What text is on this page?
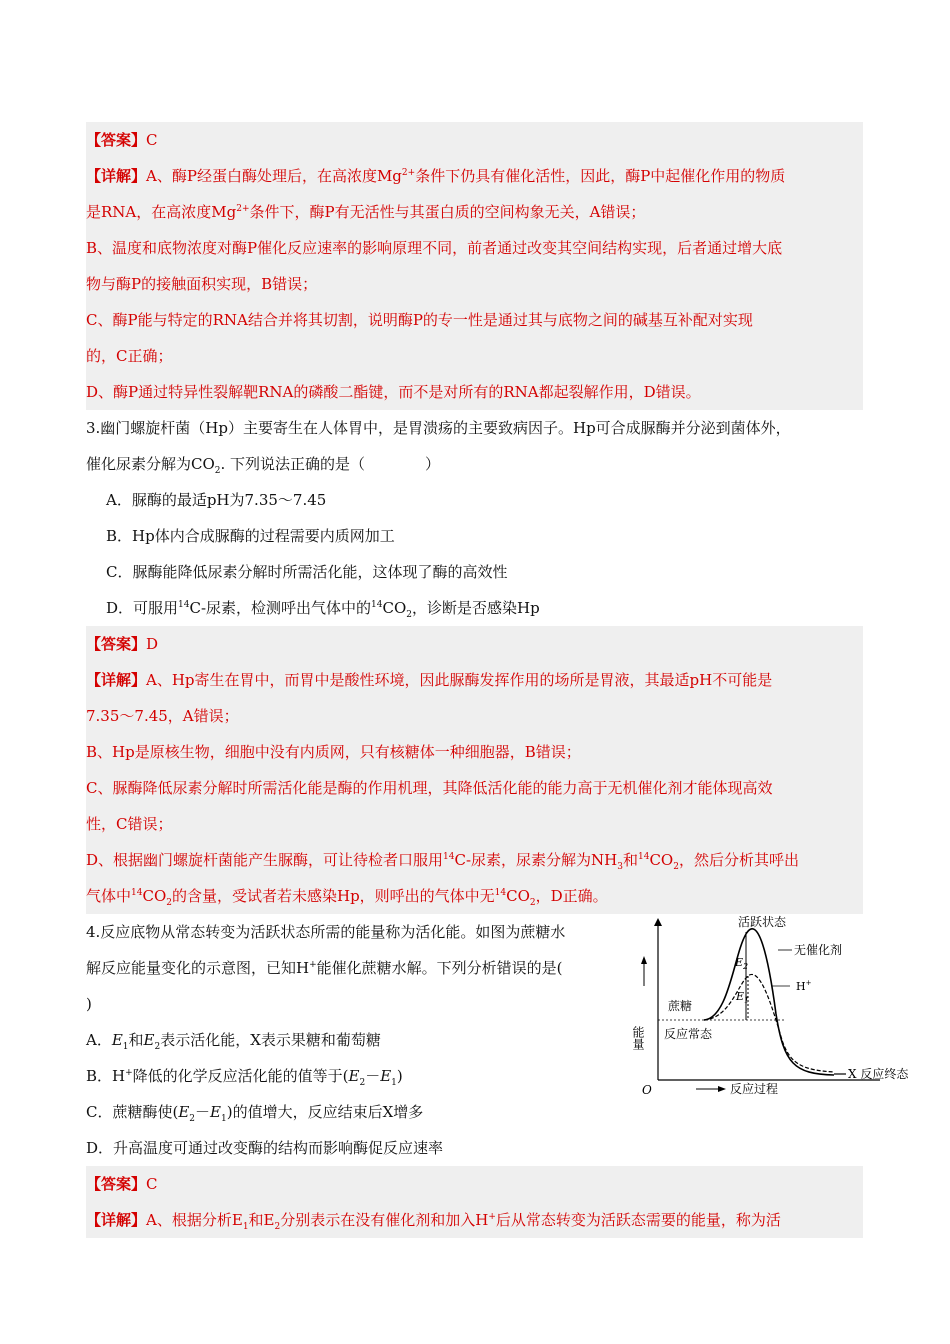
【答案】C
【详解】A、酶P经蛋白酶处理后，在高浓度$Mg^{2+}$条件下仍具有催化活性，因此，酶P中起催化作用的物质
是RNA，在高浓度$Mg^{2+}$条件下，酶P有无活性与其蛋白质的空间构象无关，A错误；
B、温度和底物浓度对酶P催化反应速率的影响原理不同，前者通过改变其空间结构实现，后者通过增大底
物与酶P的接触面积实现，B错误；
C、酶P能与特定的RNA结合并将其切割，说明酶P的专一性是通过其与底物之间的碱基互补配对实现
的，C正确；
D、酶P通过特异性裂解靶RNA的磷酸二酯键，而不是对所有的RNA都起裂解作用，D错误。
3.幽门螺旋杆菌（Hp）主要寄生在人体胃中，是胃溃疡的主要致病因子。Hp可合成脲酶并分泌到菌体外，
催化尿素分解为$CO_2$. 下列说法正确的是（　　　　）
A．脲酶的最适pH为7.35～7.45
B．Hp体内合成脲酶的过程需要内质网加工
C．脲酶能降低尿素分解时所需活化能，这体现了酶的高效性
D．可服用$^{14}$C-尿素，检测呼出气体中的$^{14}CO_2$，诊断是否感染Hp
【答案】D
【详解】A、Hp寄生在胃中，而胃中是酸性环境，因此脲酶发挥作用的场所是胃液，其最适pH不可能是
7.35～7.45，A错误；
B、Hp是原核生物，细胞中没有内质网，只有核糖体一种细胞器，B错误；
C、脲酶降低尿素分解时所需活化能是酶的作用机理，其降低活化能的能力高于无机催化剂才能体现高效
性，C错误；
D、根据幽门螺旋杆菌能产生脲酶，可让待检者口服用$^{14}$C-尿素，尿素分解为$NH_3$和$^{14}CO_2$，然后分析其呼出
气体中$^{14}CO_2$的含量，受试者若未感染Hp，则呼出的气体中无$^{14}CO_2$，D正确。
4.反应底物从常态转变为活跃状态所需的能量称为活化能。如图为蔗糖水
解反应能量变化的示意图，已知H+能催化蔗糖水解。下列分析错误的是(
)
A．$E_1$和$E_2$表示活化能，X表示果糖和葡萄糖
B．H+降低的化学反应活化能的值等于$(E_2-E_1)$
C．蔗糖酶使$(E_2-E_1)$的值增大，反应结束后X增多
D．升高温度可通过改变酶的结构而影响酶促反应速率
能量
O	反应过程
$E_2$
$E_1$
活跃状态
无催化剂
H+
蔗糖
反应常态
X 反应终态
【答案】C
【详解】A、根据分析$E_1$和$E_2$分别表示在没有催化剂和加入H+后从常态转变为活跃态需要的能量，称为活
